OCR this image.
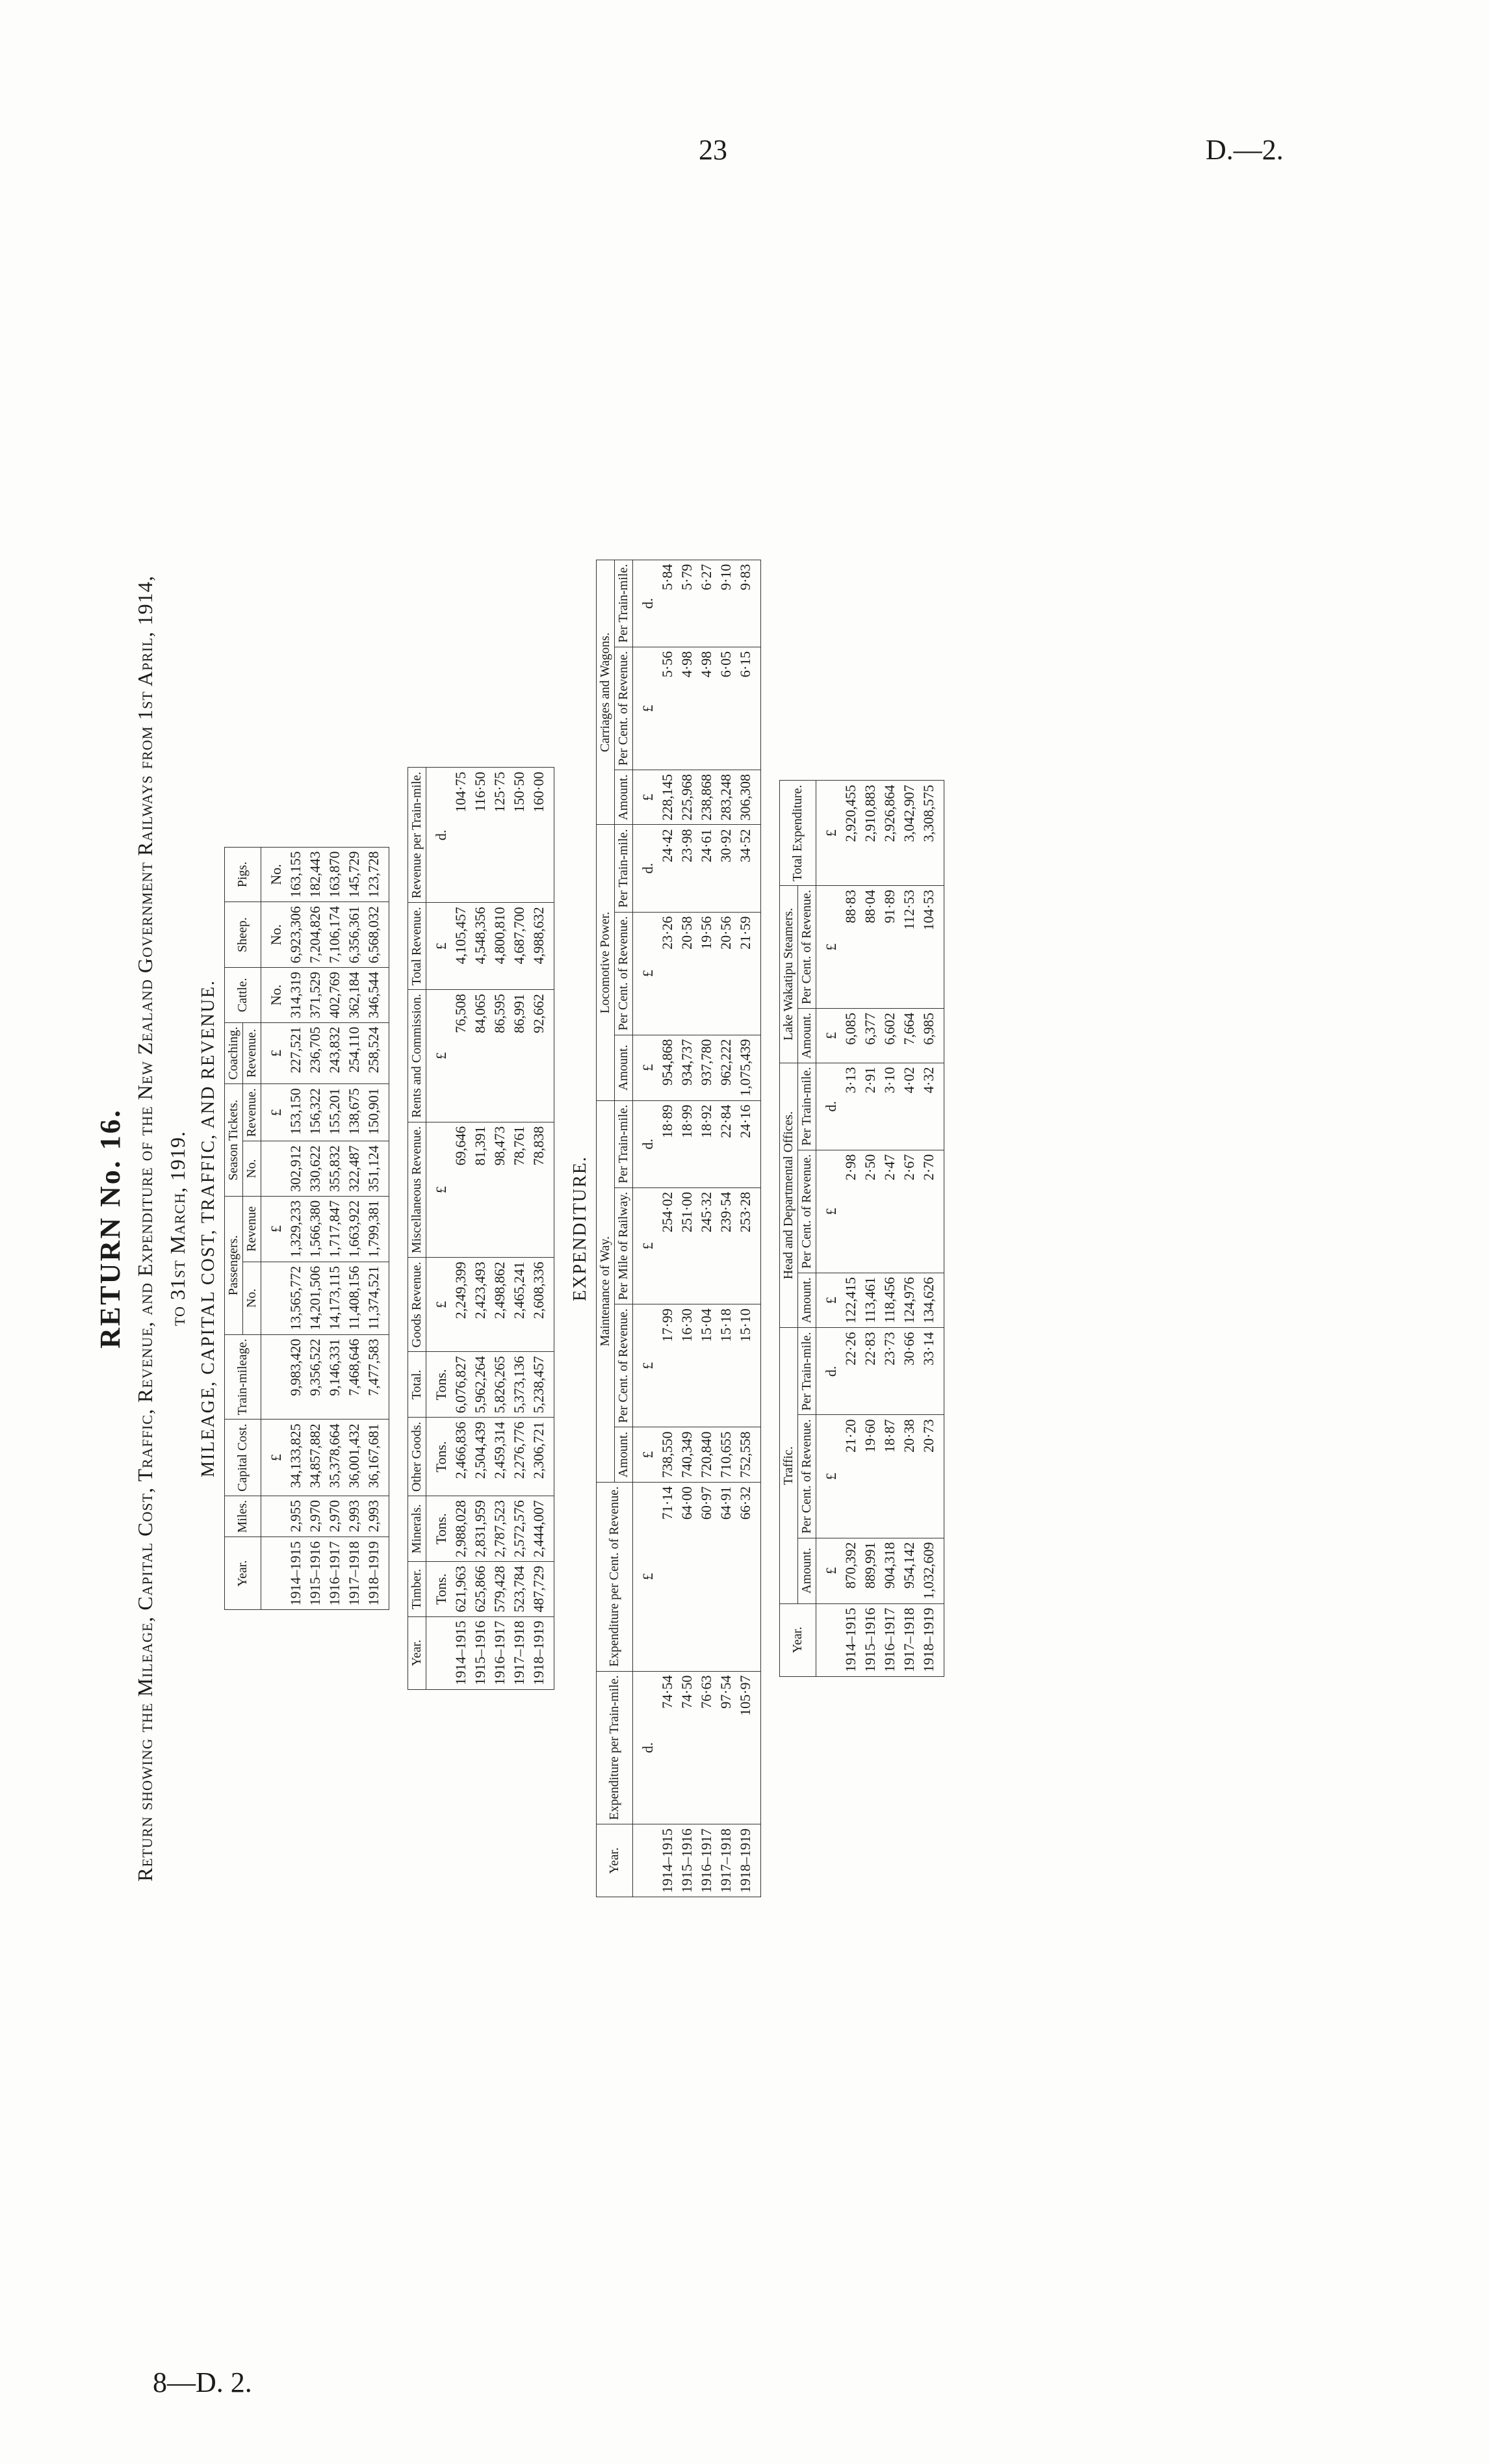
23	D.—2.
8—D. 2.
RETURN No. 16. Return showing the Mileage, Capital Cost, Traffic, Revenue, and Expenditure of the New Zealand Government Railways from 1st April, 1914, to 31st March, 1919. MILEAGE, CAPITAL COST, TRAFFIC, AND REVENUE.
Year.	Miles.	Capital Cost.	Train-mileage.	Passengers.		Season Tickets.		Coaching.	Cattle.	Sheep.	Pigs.
				No.	Revenue	No.	Revenue.	Revenue.			
		£			£		£	£	No.	No.	No.
1914–1915	2,955	34,133,825	9,983,420	13,565,772	1,329,233	302,912	153,150	227,521	314,319	6,923,306	163,155
1915–1916	2,970	34,857,882	9,356,522	14,201,506	1,566,380	330,622	156,322	236,705	371,529	7,204,826	182,443
1916–1917	2,970	35,378,664	9,146,331	14,173,115	1,717,847	355,832	155,201	243,832	402,769	7,106,174	163,870
1917–1918	2,993	36,001,432	7,468,646	11,408,156	1,663,922	322,487	138,675	254,110	362,184	6,356,361	145,729
1918–1919	2,993	36,167,681	7,477,583	11,374,521	1,799,381	351,124	150,901	258,524	346,544	6,568,032	123,728
Year.	Timber.	Minerals.	Other Goods.	Total.	Goods Revenue.	Miscellaneous Revenue.	Rents and Commission.	Total Revenue.	Revenue per Train-mile.
	Tons.	Tons.	Tons.	Tons.	£	£	£	£	d.
1914–1915	621,963	2,988,028	2,466,836	6,076,827	2,249,399	69,646	76,508	4,105,457	104·75
1915–1916	625,866	2,831,959	2,504,439	5,962,264	2,423,493	81,391	84,065	4,548,356	116·50
1916–1917	579,428	2,787,523	2,459,314	5,826,265	2,498,862	98,473	86,595	4,800,810	125·75
1917–1918	523,784	2,572,576	2,276,776	5,373,136	2,465,241	78,761	86,991	4,687,700	150·50
1918–1919	487,729	2,444,007	2,306,721	5,238,457	2,608,336	78,838	92,662	4,988,632	160·00
EXPENDITURE.
Year.	Expenditure per Train-mile.	Expenditure per Cent. of Revenue.	Maintenance of Way.				Locomotive Power.			Carriages and Wagons.		
			Amount.	Per Cent. of Revenue.	Per Mile of Railway.	Per Train-mile.	Amount.	Per Cent. of Revenue.	Per Train-mile.	Amount.	Per Cent. of Revenue.	Per Train-mile.
	d.	£	£	£	£	d.	£	£	d.	£	£	d.
1914–1915	74·54	71·14	738,550	17·99	254·02	18·89	954,868	23·26	24·42	228,145	5·56	5·84
1915–1916	74·50	64·00	740,349	16·30	251·00	18·99	934,737	20·58	23·98	225,968	4·98	5·79
1916–1917	76·63	60·97	720,840	15·04	245·32	18·92	937,780	19·56	24·61	238,868	4·98	6·27
1917–1918	97·54	64·91	710,655	15·18	239·54	22·84	962,222	20·56	30·92	283,248	6·05	9·10
1918–1919	105·97	66·32	752,558	15·10	253·28	24·16	1,075,439	21·59	34·52	306,308	6·15	9·83
Year.	Traffic.			Head and Departmental Offices.			Lake Wakatipu Steamers.		Total Expenditure.
	Amount.	Per Cent. of Revenue.	Per Train-mile.	Amount.	Per Cent. of Revenue.	Per Train-mile.	Amount.	Per Cent. of Revenue.	
	£	£	d.	£	£	d.	£	£	£
1914–1915	870,392	21·20	22·26	122,415	2·98	3·13	6,085	88·83	2,920,455
1915–1916	889,991	19·60	22·83	113,461	2·50	2·91	6,377	88·04	2,910,883
1916–1917	904,318	18·87	23·73	118,456	2·47	3·10	6,602	91·89	2,926,864
1917–1918	954,142	20·38	30·66	124,976	2·67	4·02	7,664	112·53	3,042,907
1918–1919	1,032,609	20·73	33·14	134,626	2·70	4·32	6,985	104·53	3,308,575
